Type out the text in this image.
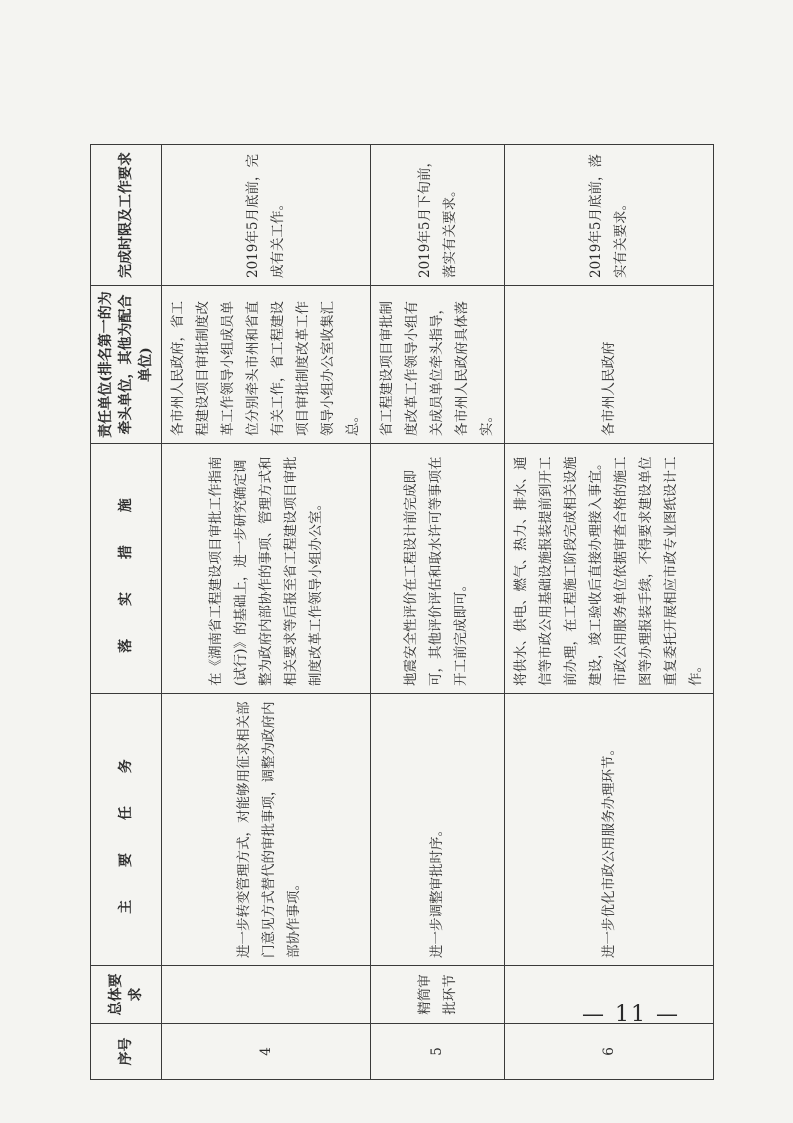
序号	总体要求	主 要 任 务	落 实 措 施	责任单位(排名第一的为牵头单位，其他为配合单位)	完成时限及工作要求
4		进一步转变管理方式，对能够用征求相关部门意见方式替代的审批事项，调整为政府内部协作事项。	在《湖南省工程建设项目审批工作指南(试行)》的基础上，进一步研究确定调整为政府内部协作的事项、管理方式和相关要求等后报至省工程建设项目审批制度改革工作领导小组办公室。	各市州人民政府，省工程建设项目审批制度改革工作领导小组成员单位分别牵头市州和省直有关工作，省工程建设项目审批制度改革工作领导小组办公室收集汇总。	2019年5月底前，完成有关工作。
5	精简审批环节	进一步调整审批时序。	地震安全性评价在工程设计前完成即可，其他评价评估和取水许可等事项在开工前完成即可。	省工程建设项目审批制度改革工作领导小组有关成员单位牵头指导，各市州人民政府具体落实。	2019年5月下旬前，落实有关要求。
6		进一步优化市政公用服务办理环节。	将供水、供电、燃气、热力、排水、通信等市政公用基础设施报装提前到开工前办理，在工程施工阶段完成相关设施建设，竣工验收后直接办理接入事宜。市政公用服务单位依据审查合格的施工图等办理报装手续，不得要求建设单位重复委托开展相应市政专业图纸设计工作。	各市州人民政府	2019年5月底前，落实有关要求。
— 11 —
